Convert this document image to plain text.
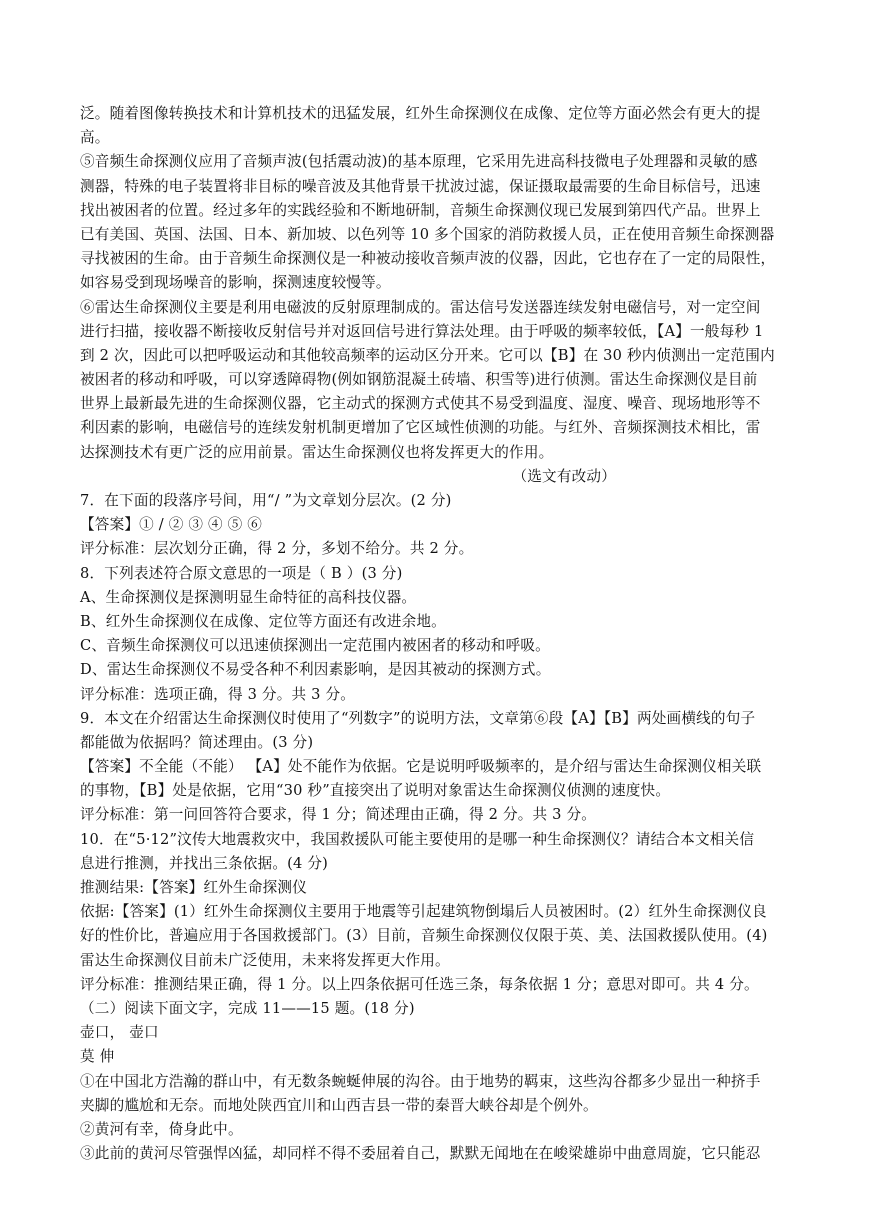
泛。随着图像转换技术和计算机技术的迅猛发展，红外生命探测仪在成像、定位等方面必然会有更大的提
高。
⑤音频生命探测仪应用了音频声波(包括震动波)的基本原理，它采用先进高科技微电子处理器和灵敏的感
测器，特殊的电子装置将非目标的噪音波及其他背景干扰波过滤，保证摄取最需要的生命目标信号，迅速
找出被困者的位置。经过多年的实践经验和不断地研制，音频生命探测仪现已发展到第四代产品。世界上
已有美国、英国、法国、日本、新加坡、以色列等 10 多个国家的消防救援人员，正在使用音频生命探测器
寻找被困的生命。由于音频生命探测仪是一种被动接收音频声波的仪器，因此，它也存在了一定的局限性，
如容易受到现场噪音的影响，探测速度较慢等。
⑥雷达生命探测仪主要是利用电磁波的反射原理制成的。雷达信号发送器连续发射电磁信号，对一定空间
进行扫描，接收器不断接收反射信号并对返回信号进行算法处理。由于呼吸的频率较低，【A】一般每秒 1
到 2 次，因此可以把呼吸运动和其他较高频率的运动区分开来。它可以【B】在 30 秒内侦测出一定范围内
被困者的移动和呼吸，可以穿透障碍物(例如钢筋混凝土砖墙、积雪等)进行侦测。雷达生命探测仪是目前
世界上最新最先进的生命探测仪器，它主动式的探测方式使其不易受到温度、湿度、噪音、现场地形等不
利因素的影响，电磁信号的连续发射机制更增加了它区域性侦测的功能。与红外、音频探测技术相比，雷
达探测技术有更广泛的应用前景。雷达生命探测仪也将发挥更大的作用。
（选文有改动）
7．在下面的段落序号间，用“/ ”为文章划分层次。(2 分)
【答案】① / ② ③ ④ ⑤ ⑥
评分标准：层次划分正确，得 2 分，多划不给分。共 2 分。
8．下列表述符合原文意思的一项是（ B ）(3 分)
A、生命探测仪是探测明显生命特征的高科技仪器。
B、红外生命探测仪在成像、定位等方面还有改进余地。
C、音频生命探测仪可以迅速侦探测出一定范围内被困者的移动和呼吸。
D、雷达生命探测仪不易受各种不利因素影响，是因其被动的探测方式。
评分标准：选项正确，得 3 分。共 3 分。
9．本文在介绍雷达生命探测仪时使用了“列数字”的说明方法，文章第⑥段【A】【B】两处画横线的句子
都能做为依据吗？简述理由。(3 分)
【答案】不全能（不能） 【A】处不能作为依据。它是说明呼吸频率的，是介绍与雷达生命探测仪相关联
的事物，【B】处是依据，它用“30 秒”直接突出了说明对象雷达生命探测仪侦测的速度快。
评分标准：第一问回答符合要求，得 1 分；简述理由正确，得 2 分。共 3 分。
10．在“5·12”汶传大地震救灾中，我国救援队可能主要使用的是哪一种生命探测仪？请结合本文相关信
息进行推测，并找出三条依据。(4 分)
推测结果:【答案】红外生命探测仪
依据:【答案】(1）红外生命探测仪主要用于地震等引起建筑物倒塌后人员被困时。(2）红外生命探测仪良
好的性价比，普遍应用于各国救援部门。(3）目前，音频生命探测仪仅限于英、美、法国救援队使用。(4)
雷达生命探测仪目前未广泛使用，未来将发挥更大作用。
评分标准：推测结果正确，得 1 分。以上四条依据可任选三条，每条依据 1 分；意思对即可。共 4 分。
（二）阅读下面文字，完成 11——15 题。(18 分)
壶口， 壶口
莫 伸
①在中国北方浩瀚的群山中，有无数条蜿蜒伸展的沟谷。由于地势的羁束，这些沟谷都多少显出一种挤手
夹脚的尴尬和无奈。而地处陕西宜川和山西吉县一带的秦晋大峡谷却是个例外。
②黄河有幸，倚身此中。
③此前的黄河尽管强悍凶猛，却同样不得不委屈着自己，默默无闻地在在峻梁雄峁中曲意周旋，它只能忍
